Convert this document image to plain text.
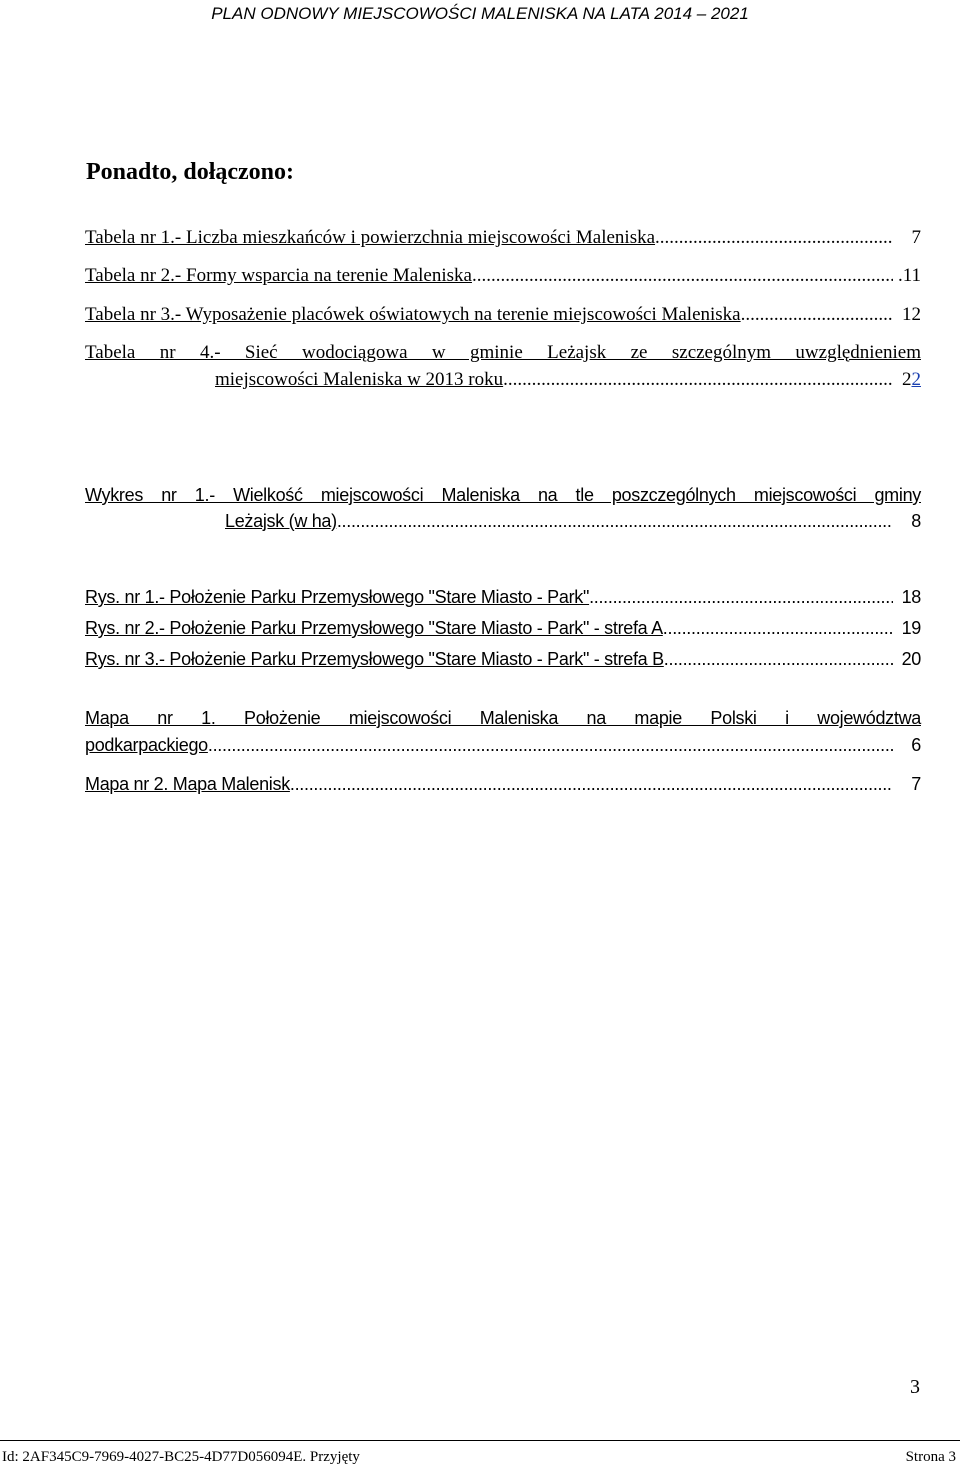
PLAN ODNOWY MIEJSCOWOŚCI MALENISKA NA LATA 2014 – 2021
Ponadto, dołączono:
Tabela nr 1.- Liczba mieszkańców i powierzchnia miejscowości Maleniska .....	7
Tabela nr 2.- Formy wsparcia na terenie Maleniska .....	.11
Tabela nr 3.- Wyposażenie placówek oświatowych na terenie miejscowości Maleniska .....	12
Tabela nr 4.- Sieć wodociągowa w gminie Leżajsk ze szczególnym uwzględnieniem
miejscowości Maleniska w 2013 roku .....	22
Wykres nr 1.- Wielkość miejscowości Maleniska na tle poszczególnych miejscowości gminy
Leżajsk (w ha) .....	8
Rys. nr 1.- Położenie Parku Przemysłowego "Stare Miasto - Park" .....	18
Rys. nr 2.- Położenie Parku Przemysłowego "Stare Miasto - Park" - strefa A .....	19
Rys. nr 3.- Położenie Parku Przemysłowego "Stare Miasto - Park" - strefa B .....	20
Mapa nr 1. Położenie miejscowości Maleniska na mapie Polski i województwa
podkarpackiego .....	6
Mapa nr 2. Mapa Malenisk .....	7
3
Id: 2AF345C9-7969-4027-BC25-4D77D056094E. Przyjęty	Strona 3
